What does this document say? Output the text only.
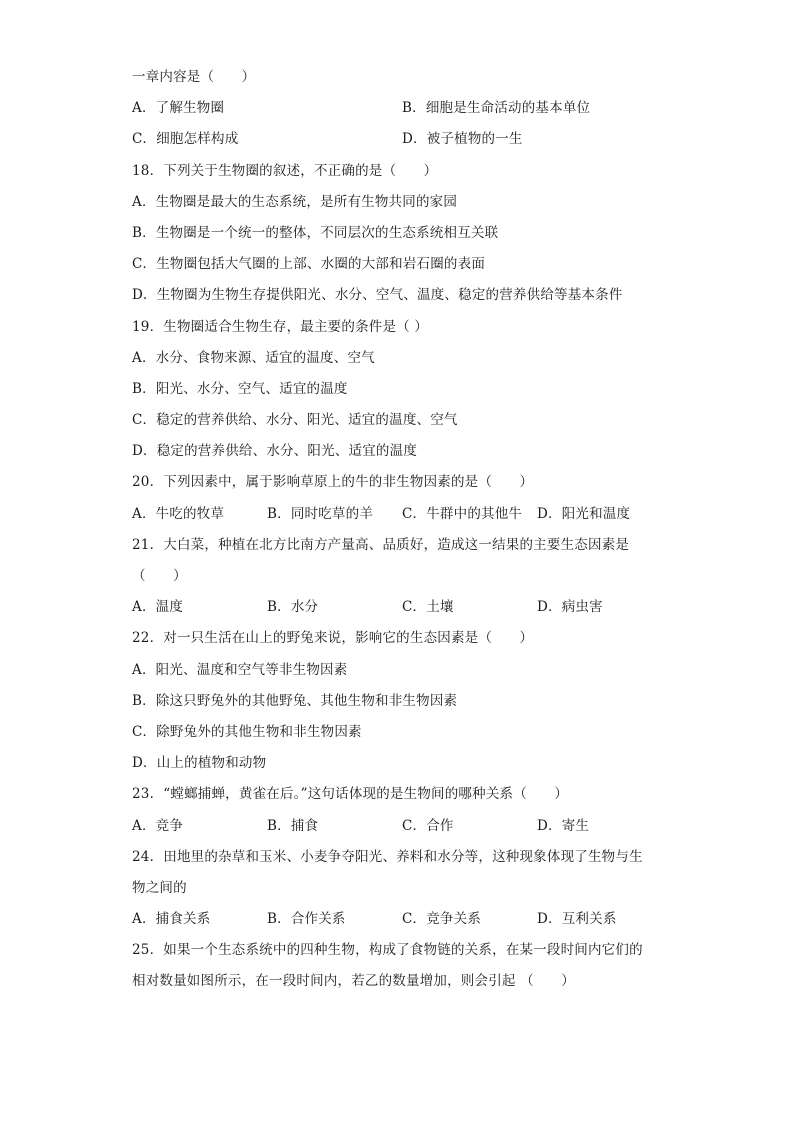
一章内容是（　　）
A．了解生物圈	B．细胞是生命活动的基本单位
C．细胞怎样构成	D．被子植物的一生
18．下列关于生物圈的叙述，不正确的是（　　）
A．生物圈是最大的生态系统，是所有生物共同的家园
B．生物圈是一个统一的整体，不同层次的生态系统相互关联
C．生物圈包括大气圈的上部、水圈的大部和岩石圈的表面
D．生物圈为生物生存提供阳光、水分、空气、温度、稳定的营养供给等基本条件
19．生物圈适合生物生存，最主要的条件是（ ）
A．水分、食物来源、适宜的温度、空气
B．阳光、水分、空气、适宜的温度
C．稳定的营养供给、水分、阳光、适宜的温度、空气
D．稳定的营养供给、水分、阳光、适宜的温度
20．下列因素中，属于影响草原上的牛的非生物因素的是（　　）
A．牛吃的牧草	B．同时吃草的羊	C．牛群中的其他牛	D．阳光和温度
21．大白菜，种植在北方比南方产量高、品质好，造成这一结果的主要生态因素是
（　　）
A．温度	B．水分	C．土壤	D．病虫害
22．对一只生活在山上的野兔来说，影响它的生态因素是（　　）
A．阳光、温度和空气等非生物因素
B．除这只野兔外的其他野兔、其他生物和非生物因素
C．除野兔外的其他生物和非生物因素
D．山上的植物和动物
23．“螳螂捕蝉，黄雀在后。”这句话体现的是生物间的哪种关系（　　）
A．竞争	B．捕食	C．合作	D．寄生
24．田地里的杂草和玉米、小麦争夺阳光、养料和水分等，这种现象体现了生物与生
物之间的
A．捕食关系	B．合作关系	C．竞争关系	D．互利关系
25．如果一个生态系统中的四种生物，构成了食物链的关系，在某一段时间内它们的
相对数量如图所示，在一段时间内，若乙的数量增加，则会引起 （　　）
